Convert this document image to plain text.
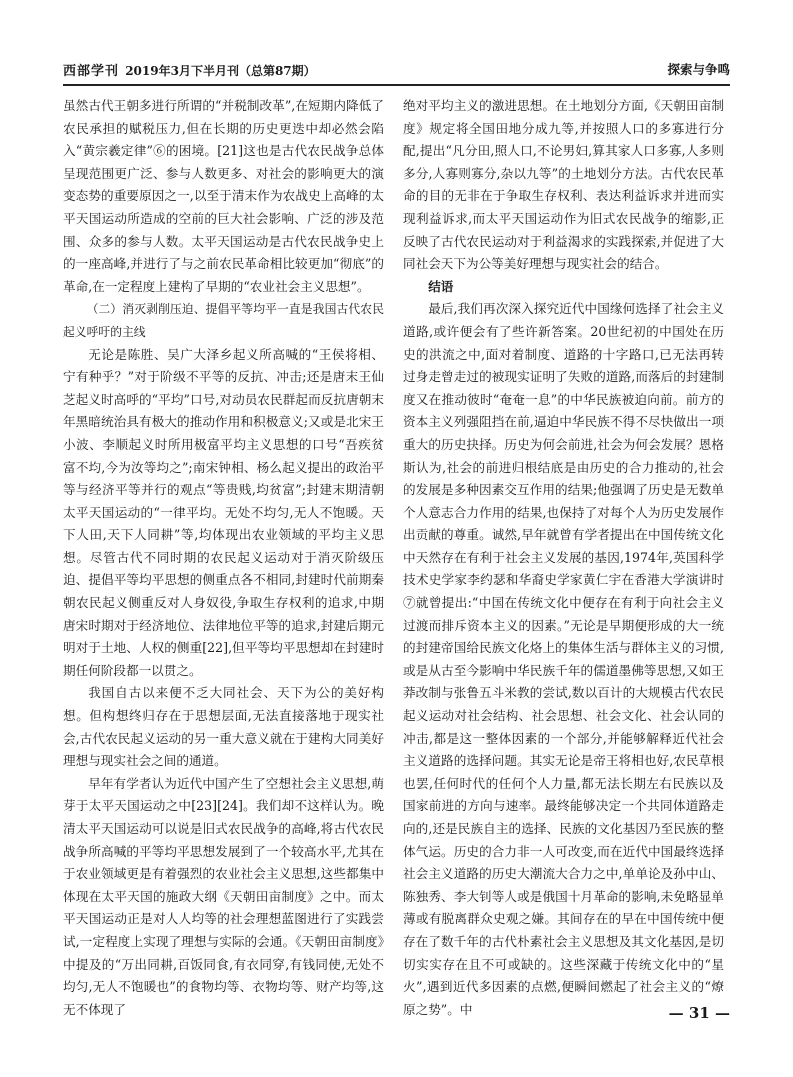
西部学刊 2019年3月下半月刊（总第87期）	探索与争鸣

虽然古代王朝多进行所谓的“并税制改革”,在短期内降低了农民承担的赋税压力,但在长期的历史更迭中却必然会陷入“黄宗羲定律”⑥的困境。[21]这也是古代农民战争总体呈现范围更广泛、参与人数更多、对社会的影响更大的演变态势的重要原因之一,以至于清末作为农战史上高峰的太平天国运动所造成的空前的巨大社会影响、广泛的涉及范围、众多的参与人数。太平天国运动是古代农民战争史上的一座高峰,并进行了与之前农民革命相比较更加“彻底”的革命,在一定程度上建构了早期的“农业社会主义思想”。

（二）消灭剥削压迫、提倡平等均平一直是我国古代农民起义呼吁的主线

无论是陈胜、吴广大泽乡起义所高喊的“王侯将相、宁有种乎？”对于阶级不平等的反抗、冲击;还是唐末王仙芝起义时高呼的“平均”口号,对动员农民群起而反抗唐朝末年黑暗统治具有极大的推动作用和积极意义;又或是北宋王小波、李顺起义时所用极富平均主义思想的口号“吾疾贫富不均,今为汝等均之”;南宋钟相、杨么起义提出的政治平等与经济平等并行的观点“等贵贱,均贫富”;封建末期清朝太平天国运动的“一律平均。无处不均匀,无人不饱暖。天下人田,天下人同耕”等,均体现出农业领域的平均主义思想。尽管古代不同时期的农民起义运动对于消灭阶级压迫、提倡平等均平思想的侧重点各不相同,封建时代前期秦朝农民起义侧重反对人身奴役,争取生存权利的追求,中期唐宋时期对于经济地位、法律地位平等的追求,封建后期元明对于土地、人权的侧重[22],但平等均平思想却在封建时期任何阶段都一以贯之。

我国自古以来便不乏大同社会、天下为公的美好构想。但构想终归存在于思想层面,无法直接落地于现实社会,古代农民起义运动的另一重大意义就在于建构大同美好理想与现实社会之间的通道。

早年有学者认为近代中国产生了空想社会主义思想,萌芽于太平天国运动之中[23][24]。我们却不这样认为。晚清太平天国运动可以说是旧式农民战争的高峰,将古代农民战争所高喊的平等均平思想发展到了一个较高水平,尤其在于农业领域更是有着强烈的农业社会主义思想,这些都集中体现在太平天国的施政大纲《天朝田亩制度》之中。而太平天国运动正是对人人均等的社会理想蓝图进行了实践尝试,一定程度上实现了理想与实际的会通。《天朝田亩制度》中提及的“万出同耕,百饭同食,有衣同穿,有钱同使,无处不均匀,无人不饱暖也”的食物均等、衣物均等、财产均等,这无不体现了

绝对平均主义的激进思想。在土地划分方面,《天朝田亩制度》规定将全国田地分成九等,并按照人口的多寡进行分配,提出“凡分田,照人口,不论男妇,算其家人口多寡,人多则多分,人寡则寡分,杂以九等”的土地划分方法。古代农民革命的目的无非在于争取生存权利、表达利益诉求并进而实现利益诉求,而太平天国运动作为旧式农民战争的缩影,正反映了古代农民运动对于利益渴求的实践探索,并促进了大同社会天下为公等美好理想与现实社会的结合。

结语

最后,我们再次深入探究近代中国缘何选择了社会主义道路,或许便会有了些许新答案。20世纪初的中国处在历史的洪流之中,面对着制度、道路的十字路口,已无法再转过身走曾走过的被现实证明了失败的道路,而落后的封建制度又在推动彼时“奄奄一息”的中华民族被迫向前。前方的资本主义列强阻挡在前,逼迫中华民族不得不尽快做出一项重大的历史抉择。历史为何会前进,社会为何会发展？恩格斯认为,社会的前进归根结底是由历史的合力推动的,社会的发展是多种因素交互作用的结果;他强调了历史是无数单个人意志合力作用的结果,也保持了对每个人为历史发展作出贡献的尊重。诚然,早年就曾有学者提出在中国传统文化中天然存在有利于社会主义发展的基因,1974年,英国科学技术史学家李约瑟和华裔史学家黄仁宇在香港大学演讲时⑦就曾提出:“中国在传统文化中便存在有利于向社会主义过渡而排斥资本主义的因素。”无论是早期便形成的大一统的封建帝国给民族文化烙上的集体生活与群体主义的习惯,或是从古至今影响中华民族千年的儒道墨佛等思想,又如王莽改制与张鲁五斗米教的尝试,数以百计的大规模古代农民起义运动对社会结构、社会思想、社会文化、社会认同的冲击,都是这一整体因素的一个部分,并能够解释近代社会主义道路的选择问题。其实无论是帝王将相也好,农民草根也罢,任何时代的任何个人力量,都无法长期左右民族以及国家前进的方向与速率。最终能够决定一个共同体道路走向的,还是民族自主的选择、民族的文化基因乃至民族的整体气运。历史的合力非一人可改变,而在近代中国最终选择社会主义道路的历史大潮流大合力之中,单单论及孙中山、陈独秀、李大钊等人或是俄国十月革命的影响,未免略显单薄或有脱离群众史观之嫌。其间存在的早在中国传统中便存在了数千年的古代朴素社会主义思想及其文化基因,是切切实实存在且不可或缺的。这些深藏于传统文化中的“星火”,遇到近代多因素的点燃,便瞬间燃起了社会主义的“燎原之势”。中	— 31 —
